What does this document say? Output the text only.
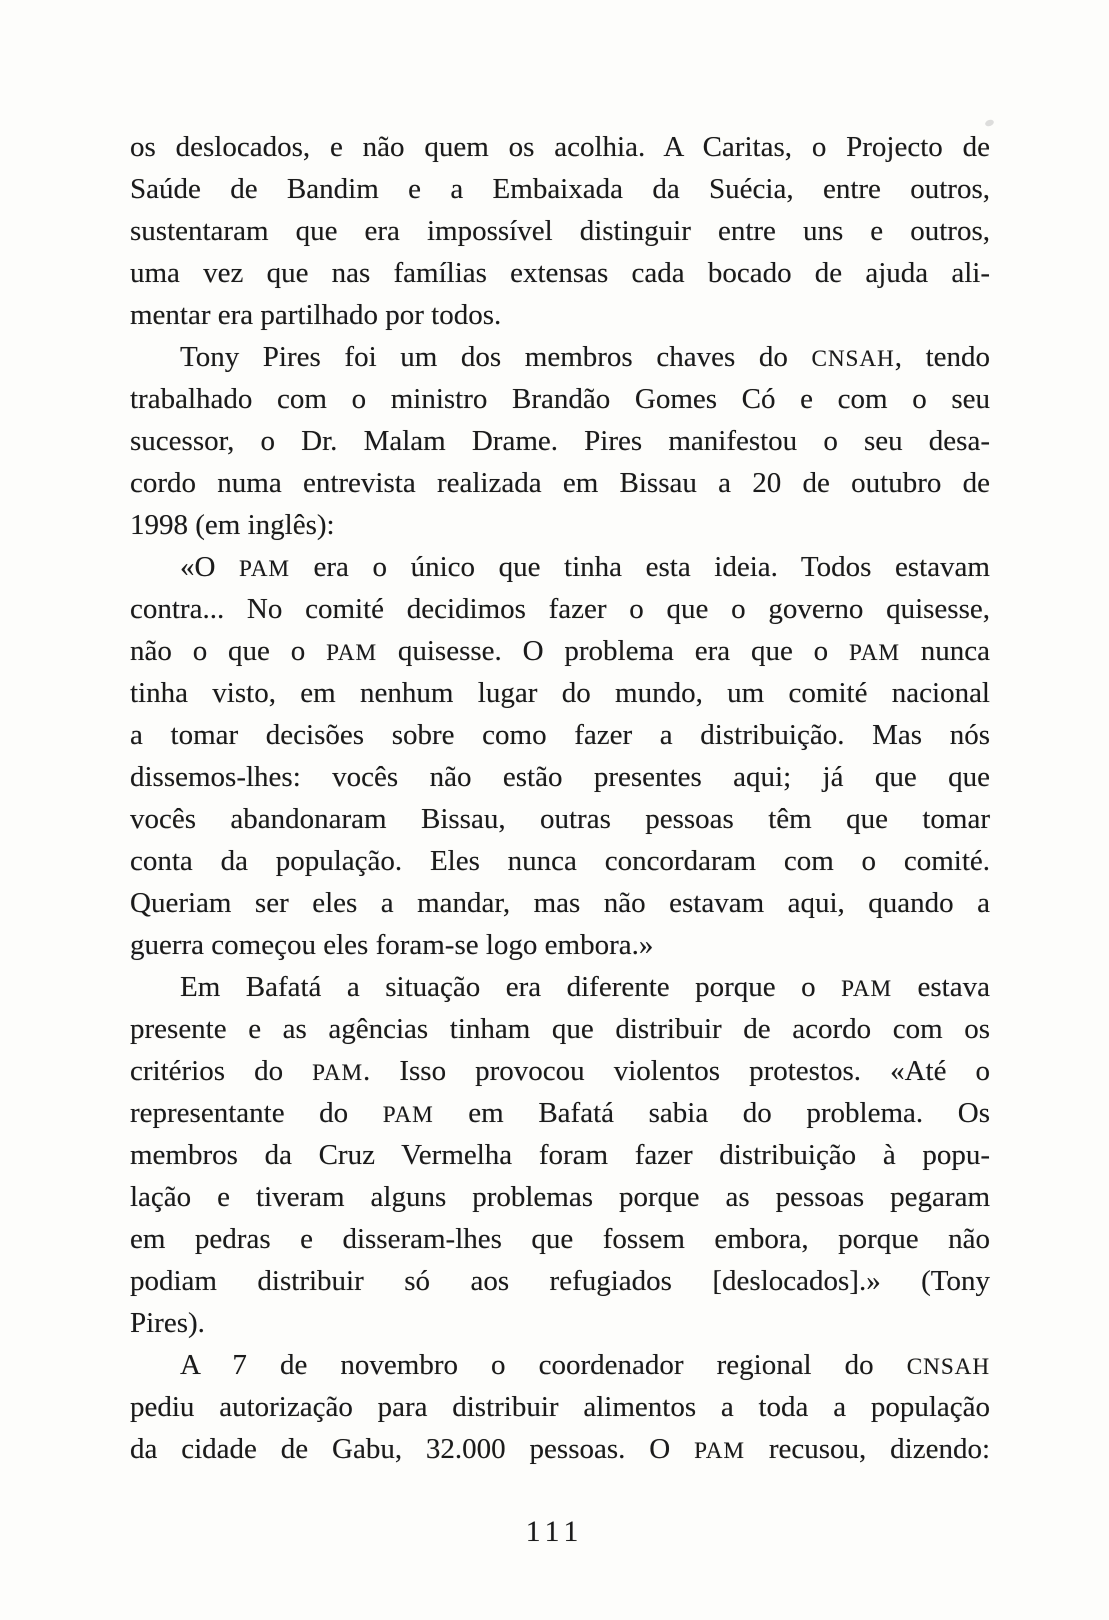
os deslocados, e não quem os acolhia. A Caritas, o Projecto de
Saúde de Bandim e a Embaixada da Suécia, entre outros,
sustentaram que era impossível distinguir entre uns e outros,
uma vez que nas famílias extensas cada bocado de ajuda ali-
mentar era partilhado por todos.
Tony Pires foi um dos membros chaves do CNSAH, tendo
trabalhado com o ministro Brandão Gomes Có e com o seu
sucessor, o Dr. Malam Drame. Pires manifestou o seu desa-
cordo numa entrevista realizada em Bissau a 20 de outubro de
1998 (em inglês):
«O PAM era o único que tinha esta ideia. Todos estavam
contra... No comité decidimos fazer o que o governo quisesse,
não o que o PAM quisesse. O problema era que o PAM nunca
tinha visto, em nenhum lugar do mundo, um comité nacional
a tomar decisões sobre como fazer a distribuição. Mas nós
dissemos-lhes: vocês não estão presentes aqui; já que que
vocês abandonaram Bissau, outras pessoas têm que tomar
conta da população. Eles nunca concordaram com o comité.
Queriam ser eles a mandar, mas não estavam aqui, quando a
guerra começou eles foram-se logo embora.»
Em Bafatá a situação era diferente porque o PAM estava
presente e as agências tinham que distribuir de acordo com os
critérios do PAM. Isso provocou violentos protestos. «Até o
representante do PAM em Bafatá sabia do problema. Os
membros da Cruz Vermelha foram fazer distribuição à popu-
lação e tiveram alguns problemas porque as pessoas pegaram
em pedras e disseram-lhes que fossem embora, porque não
podiam distribuir só aos refugiados [deslocados].» (Tony
Pires).
A 7 de novembro o coordenador regional do CNSAH
pediu autorização para distribuir alimentos a toda a população
da cidade de Gabu, 32.000 pessoas. O PAM recusou, dizendo:
111
